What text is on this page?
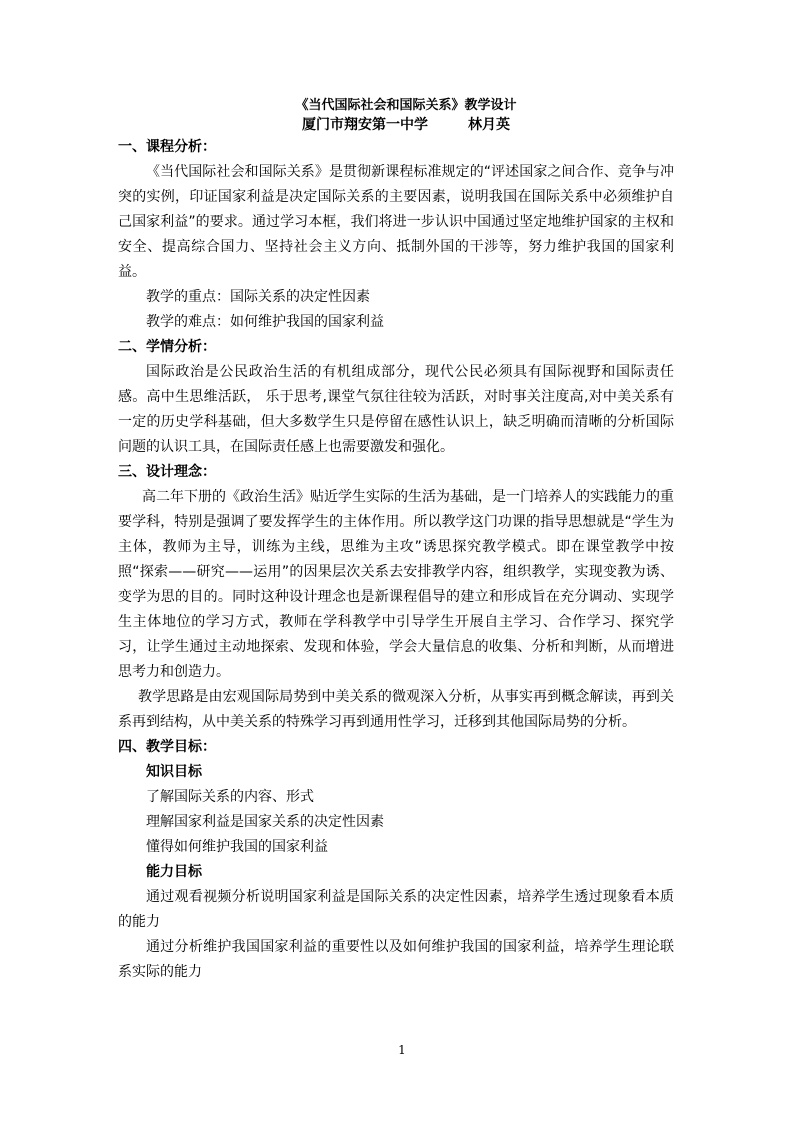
《当代国际社会和国际关系》教学设计
厦门市翔安第一中学	林月英
一、课程分析：

《当代国际社会和国际关系》是贯彻新课程标准规定的“评述国家之间合作、竞争与冲突的实例，印证国家利益是决定国际关系的主要因素，说明我国在国际关系中必须维护自己国家利益”的要求。通过学习本框，我们将进一步认识中国通过坚定地维护国家的主权和安全、提高综合国力、坚持社会主义方向、抵制外国的干涉等，努力维护我国的国家利益。

教学的重点：国际关系的决定性因素
教学的难点：如何维护我国的国家利益
二、学情分析：

国际政治是公民政治生活的有机组成部分，现代公民必须具有国际视野和国际责任感。高中生思维活跃， 乐于思考,课堂气氛往往较为活跃，对时事关注度高,对中美关系有一定的历史学科基础，但大多数学生只是停留在感性认识上，缺乏明确而清晰的分析国际问题的认识工具，在国际责任感上也需要激发和强化。

三、设计理念：

高二年下册的《政治生活》贴近学生实际的生活为基础，是一门培养人的实践能力的重要学科，特别是强调了要发挥学生的主体作用。所以教学这门功课的指导思想就是“学生为主体，教师为主导，训练为主线，思维为主攻”诱思探究教学模式。即在课堂教学中按照“探索——研究——运用”的因果层次关系去安排教学内容，组织教学，实现变教为诱、变学为思的目的。同时这种设计理念也是新课程倡导的建立和形成旨在充分调动、实现学生主体地位的学习方式，教师在学科教学中引导学生开展自主学习、合作学习、探究学习，让学生通过主动地探索、发现和体验，学会大量信息的收集、分析和判断，从而增进思考力和创造力。

教学思路是由宏观国际局势到中美关系的微观深入分析，从事实再到概念解读，再到关系再到结构，从中美关系的特殊学习再到通用性学习，迁移到其他国际局势的分析。

四、教学目标：
知识目标
了解国际关系的内容、形式
理解国家利益是国家关系的决定性因素
懂得如何维护我国的国家利益
能力目标

通过观看视频分析说明国家利益是国际关系的决定性因素，培养学生透过现象看本质的能力

通过分析维护我国国家利益的重要性以及如何维护我国的国家利益，培养学生理论联系实际的能力

1
